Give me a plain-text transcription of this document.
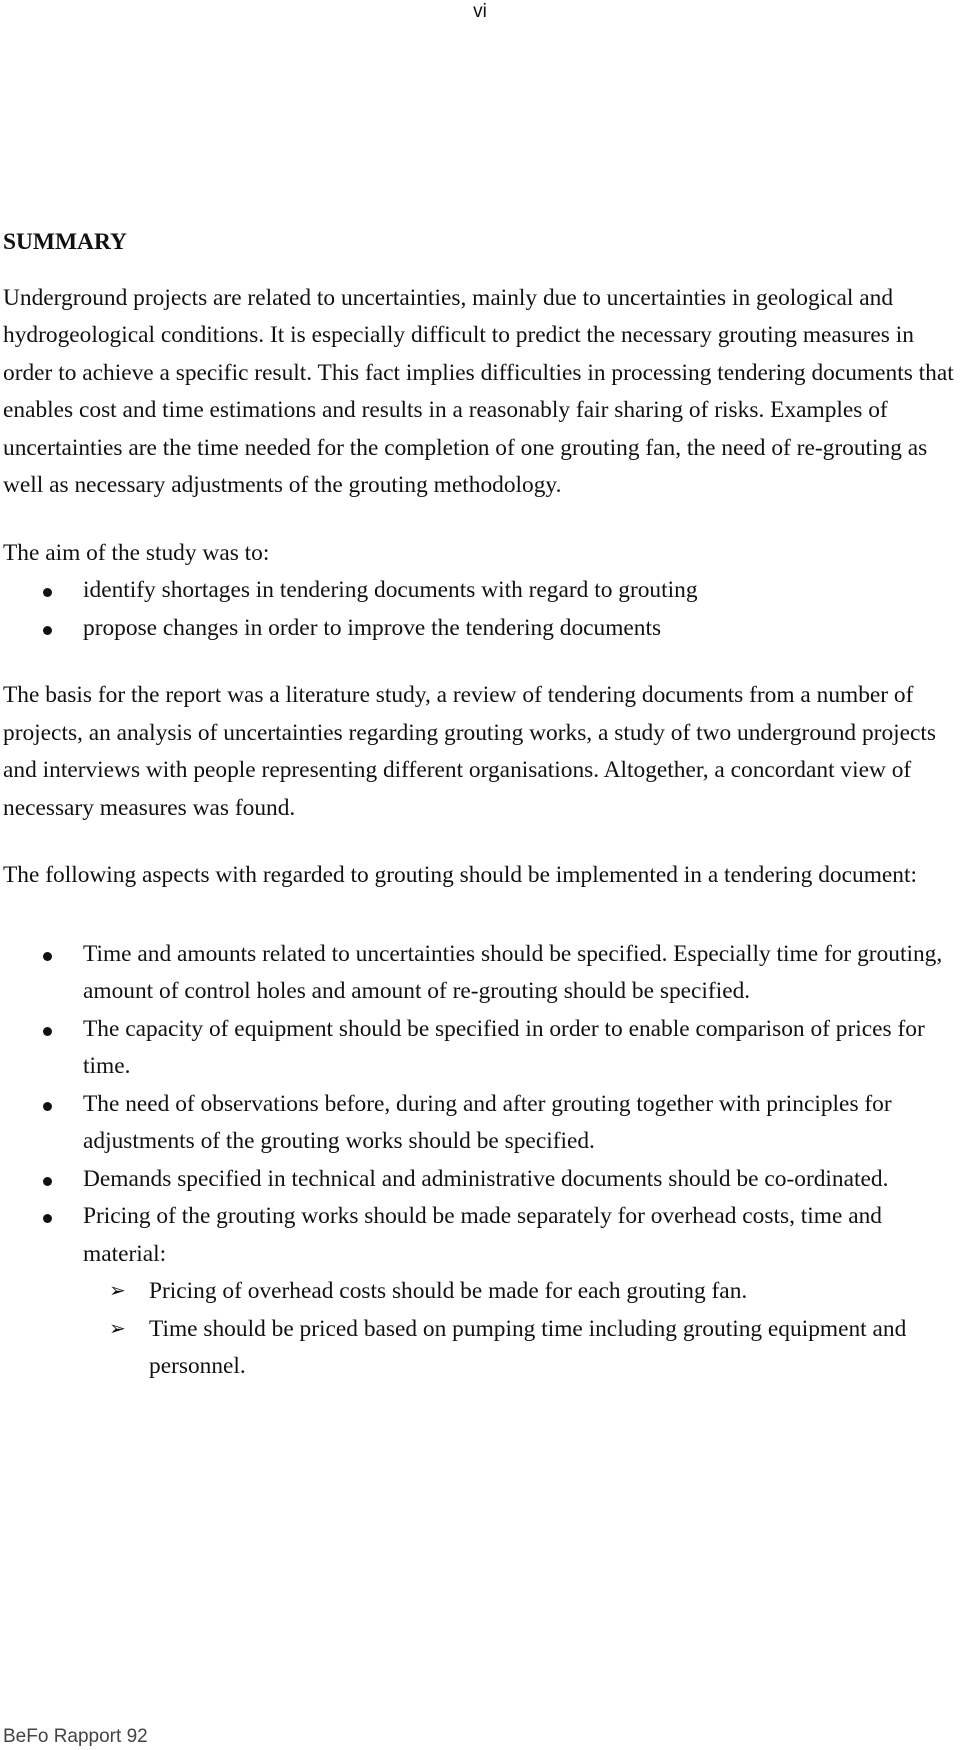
vi
SUMMARY

Underground projects are related to uncertainties, mainly due to uncertainties in geological and hydrogeological conditions. It is especially difficult to predict the necessary grouting measures in order to achieve a specific result. This fact implies difficulties in processing tendering documents that enables cost and time estimations and results in a reasonably fair sharing of risks. Examples of uncertainties are the time needed for the completion of one grouting fan, the need of re-grouting as well as necessary adjustments of the grouting methodology.

The aim of the study was to:

identify shortages in tendering documents with regard to grouting
propose changes in order to improve the tendering documents

The basis for the report was a literature study, a review of tendering documents from a number of projects, an analysis of uncertainties regarding grouting works, a study of two underground projects and interviews with people representing different organisations. Altogether, a concordant view of necessary measures was found.

The following aspects with regarded to grouting should be implemented in a tendering document:

Time and amounts related to uncertainties should be specified. Especially time for grouting, amount of control holes and amount of re-grouting should be specified.
The capacity of equipment should be specified in order to enable comparison of prices for time.
The need of observations before, during and after grouting together with principles for adjustments of the grouting works should be specified.
Demands specified in technical and administrative documents should be co-ordinated.
Pricing of the grouting works should be made separately for overhead costs, time and material:
➢ Pricing of overhead costs should be made for each grouting fan.
➢ Time should be priced based on pumping time including grouting equipment and personnel.
BeFo Rapport 92
